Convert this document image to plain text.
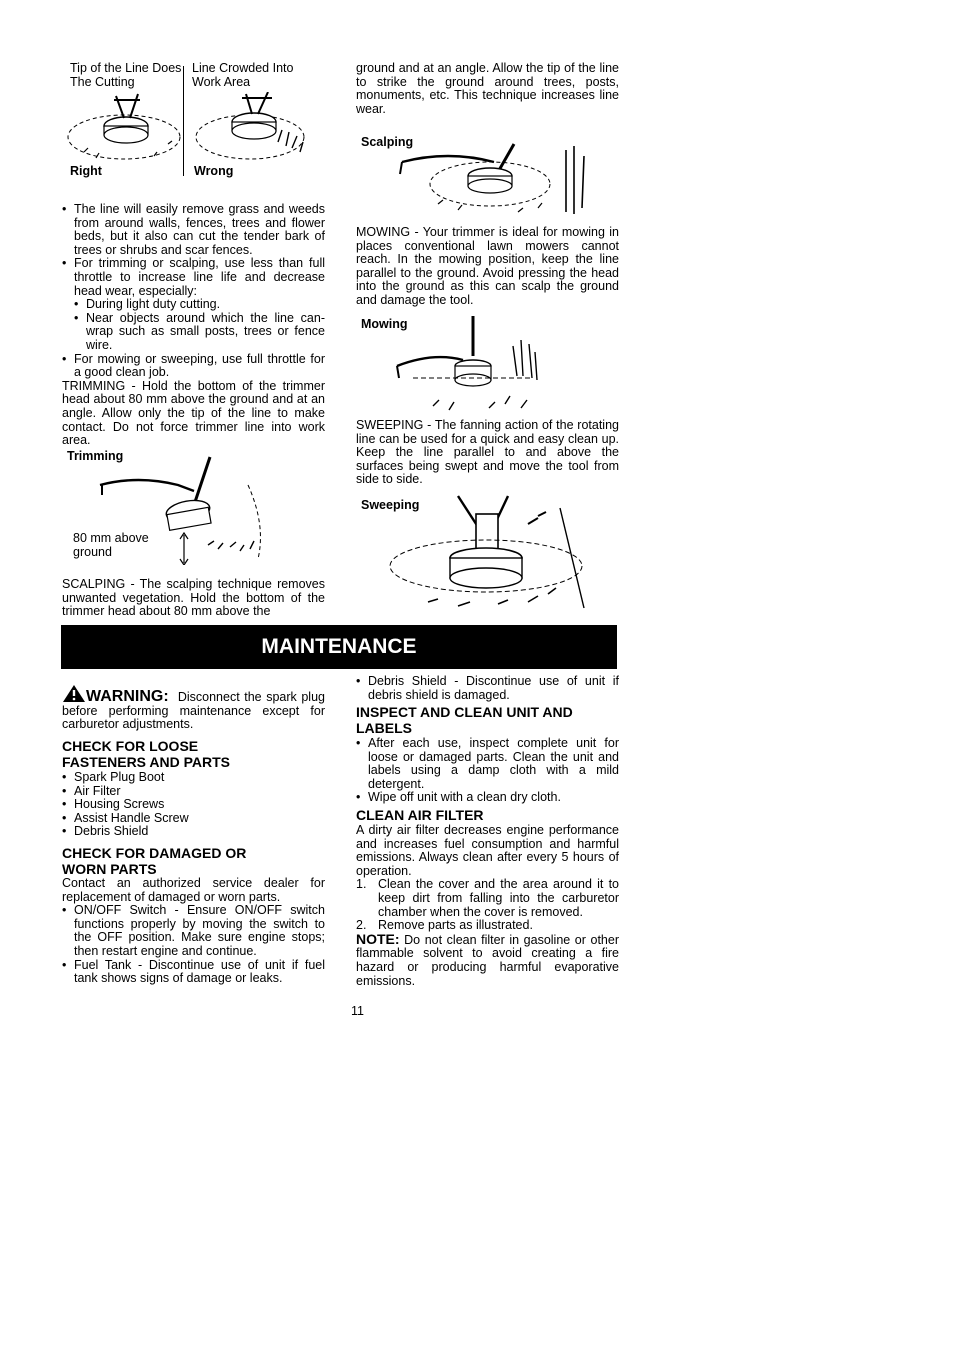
Tip of the Line Does The Cutting
Line Crowded Into Work Area
Right	Wrong
• The line will easily remove grass and weeds from around walls, fences, trees and flower beds, but it also can cut the tender bark of trees or shrubs and scar fences.
• For trimming or scalping, use less than full throttle to increase line life and decrease head wear, especially:
• During light duty cutting.
• Near objects around which the line can-wrap such as small posts, trees or fence wire.
• For mowing or sweeping, use full throttle for a good clean job.
TRIMMING - Hold the bottom of the trimmer head about 80 mm above the ground and at an angle. Allow only the tip of the line to make contact. Do not force trimmer line into work area.
Trimming
80 mm above ground
SCALPING - The scalping technique removes unwanted vegetation. Hold the bottom of the trimmer head about 80 mm above the
ground and at an angle. Allow the tip of the line to strike the ground around trees, posts, monuments, etc. This technique increases line wear.
Scalping
MOWING - Your trimmer is ideal for mowing in places conventional lawn mowers cannot reach. In the mowing position, keep the line parallel to the ground. Avoid pressing the head into the ground as this can scalp the ground and damage the tool.
Mowing
SWEEPING - The fanning action of the rotating line can be used for a quick and easy clean up. Keep the line parallel to and above the surfaces being swept and move the tool from side to side.
Sweeping
MAINTENANCE
WARNING: Disconnect the spark plug before performing maintenance except for carburetor adjustments.
CHECK FOR LOOSE FASTENERS AND PARTS
• Spark Plug Boot
• Air Filter
• Housing Screws
• Assist Handle Screw
• Debris Shield
CHECK FOR DAMAGED OR WORN PARTS
Contact an authorized service dealer for replacement of damaged or worn parts.
• ON/OFF Switch - Ensure ON/OFF switch functions properly by moving the switch to the OFF position. Make sure engine stops; then restart engine and continue.
• Fuel Tank - Discontinue use of unit if fuel tank shows signs of damage or leaks.
• Debris Shield - Discontinue use of unit if debris shield is damaged.
INSPECT AND CLEAN UNIT AND LABELS
• After each use, inspect complete unit for loose or damaged parts. Clean the unit and labels using a damp cloth with a mild detergent.
• Wipe off unit with a clean dry cloth.
CLEAN AIR FILTER
A dirty air filter decreases engine performance and increases fuel consumption and harmful emissions. Always clean after every 5 hours of operation.
1. Clean the cover and the area around it to keep dirt from falling into the carburetor chamber when the cover is removed.
2. Remove parts as illustrated.
NOTE: Do not clean filter in gasoline or other flammable solvent to avoid creating a fire hazard or producing harmful evaporative emissions.
11
